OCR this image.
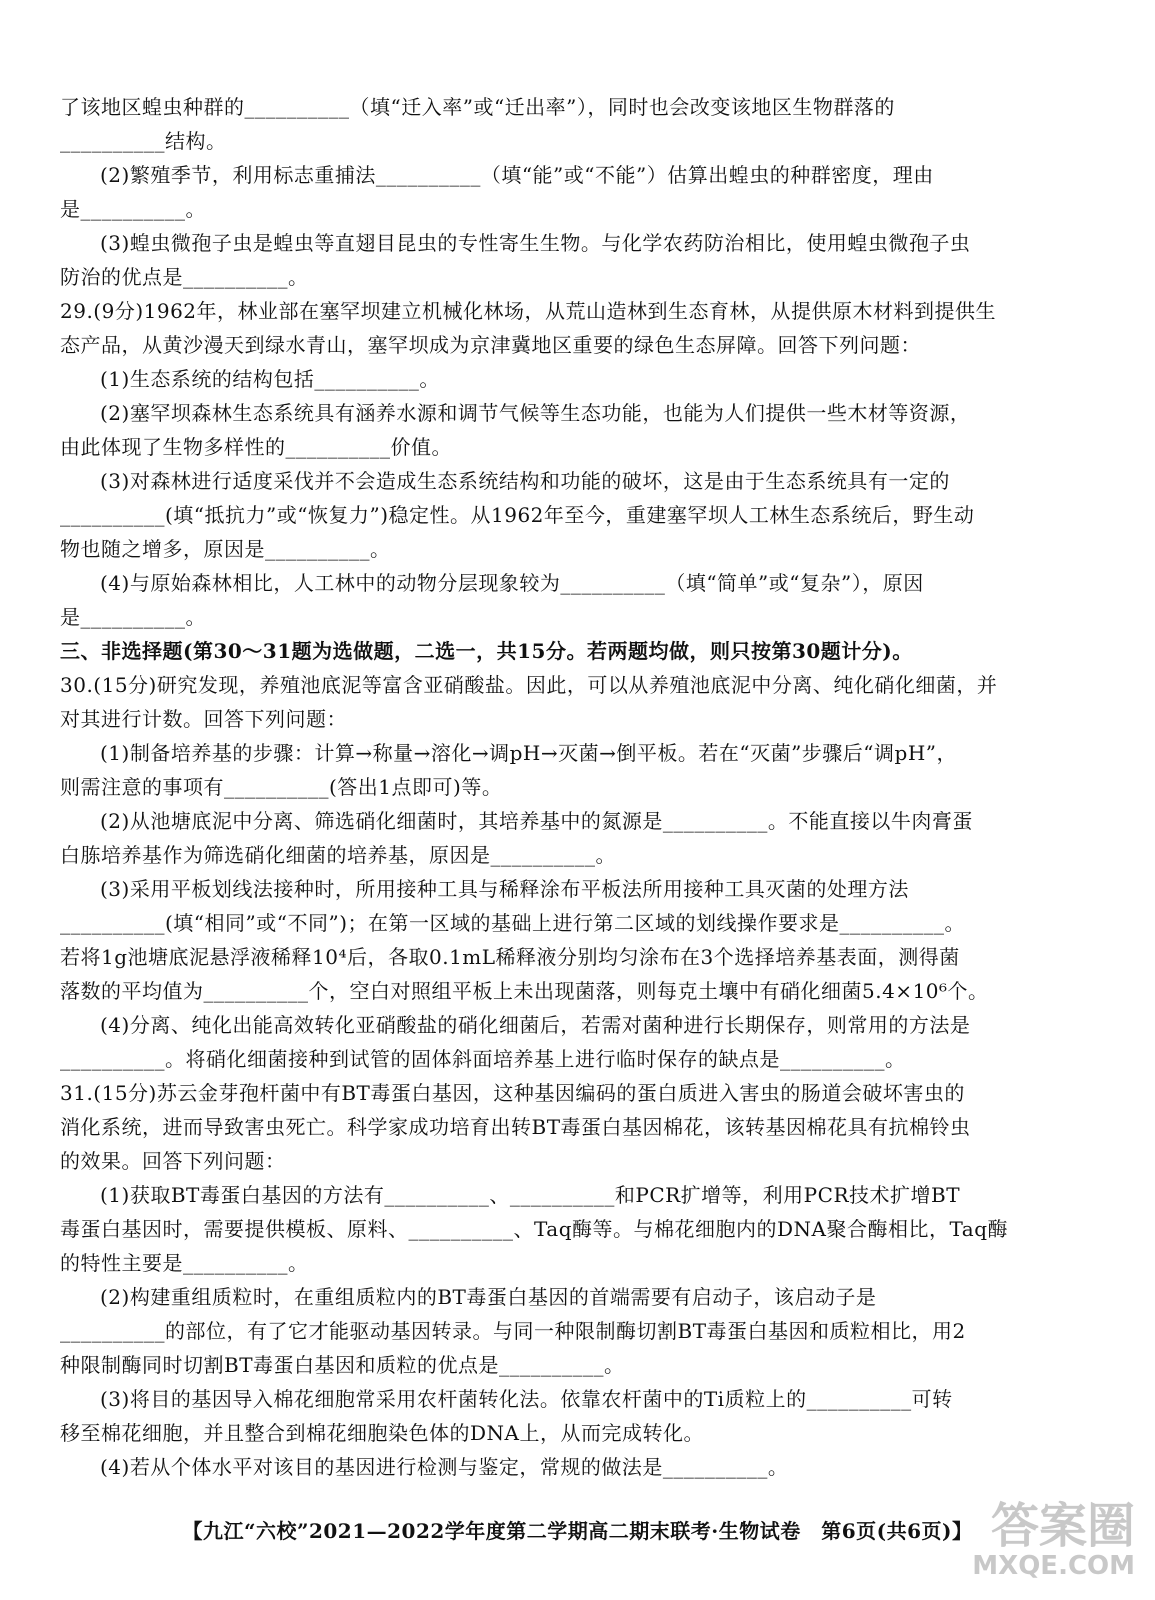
了该地区蝗虫种群的__________（填“迁入率”或“迁出率”），同时也会改变该地区生物群落的
__________结构。
(2)繁殖季节，利用标志重捕法__________（填“能”或“不能”）估算出蝗虫的种群密度，理由
是__________。
(3)蝗虫微孢子虫是蝗虫等直翅目昆虫的专性寄生生物。与化学农药防治相比，使用蝗虫微孢子虫
防治的优点是__________。
29.(9分)1962年，林业部在塞罕坝建立机械化林场，从荒山造林到生态育林，从提供原木材料到提供生
态产品，从黄沙漫天到绿水青山，塞罕坝成为京津冀地区重要的绿色生态屏障。回答下列问题：
(1)生态系统的结构包括__________。
(2)塞罕坝森林生态系统具有涵养水源和调节气候等生态功能，也能为人们提供一些木材等资源，
由此体现了生物多样性的__________价值。
(3)对森林进行适度采伐并不会造成生态系统结构和功能的破坏，这是由于生态系统具有一定的
__________(填“抵抗力”或“恢复力”)稳定性。从1962年至今，重建塞罕坝人工林生态系统后，野生动
物也随之增多，原因是__________。
(4)与原始森林相比，人工林中的动物分层现象较为__________（填“简单”或“复杂”），原因
是__________。
三、非选择题(第30～31题为选做题，二选一，共15分。若两题均做，则只按第30题计分)。
30.(15分)研究发现，养殖池底泥等富含亚硝酸盐。因此，可以从养殖池底泥中分离、纯化硝化细菌，并
对其进行计数。回答下列问题：
(1)制备培养基的步骤：计算→称量→溶化→调pH→灭菌→倒平板。若在“灭菌”步骤后“调pH”，
则需注意的事项有__________(答出1点即可)等。
(2)从池塘底泥中分离、筛选硝化细菌时，其培养基中的氮源是__________。不能直接以牛肉膏蛋
白胨培养基作为筛选硝化细菌的培养基，原因是__________。
(3)采用平板划线法接种时，所用接种工具与稀释涂布平板法所用接种工具灭菌的处理方法
__________(填“相同”或“不同”)；在第一区域的基础上进行第二区域的划线操作要求是__________。
若将1g池塘底泥悬浮液稀释10⁴后，各取0.1mL稀释液分别均匀涂布在3个选择培养基表面，测得菌
落数的平均值为__________个，空白对照组平板上未出现菌落，则每克土壤中有硝化细菌5.4×10⁶个。
(4)分离、纯化出能高效转化亚硝酸盐的硝化细菌后，若需对菌种进行长期保存，则常用的方法是
__________。将硝化细菌接种到试管的固体斜面培养基上进行临时保存的缺点是__________。
31.(15分)苏云金芽孢杆菌中有BT毒蛋白基因，这种基因编码的蛋白质进入害虫的肠道会破坏害虫的
消化系统，进而导致害虫死亡。科学家成功培育出转BT毒蛋白基因棉花，该转基因棉花具有抗棉铃虫
的效果。回答下列问题：
(1)获取BT毒蛋白基因的方法有__________、__________和PCR扩增等，利用PCR技术扩增BT
毒蛋白基因时，需要提供模板、原料、__________、Taq酶等。与棉花细胞内的DNA聚合酶相比，Taq酶
的特性主要是__________。
(2)构建重组质粒时，在重组质粒内的BT毒蛋白基因的首端需要有启动子，该启动子是
__________的部位，有了它才能驱动基因转录。与同一种限制酶切割BT毒蛋白基因和质粒相比，用2
种限制酶同时切割BT毒蛋白基因和质粒的优点是__________。
(3)将目的基因导入棉花细胞常采用农杆菌转化法。依靠农杆菌中的Ti质粒上的__________可转
移至棉花细胞，并且整合到棉花细胞染色体的DNA上，从而完成转化。
(4)若从个体水平对该目的基因进行检测与鉴定，常规的做法是__________。
【九江“六校”2021—2022学年度第二学期高二期末联考·生物试卷　第6页(共6页)】 答案圈
MXQE.COM
